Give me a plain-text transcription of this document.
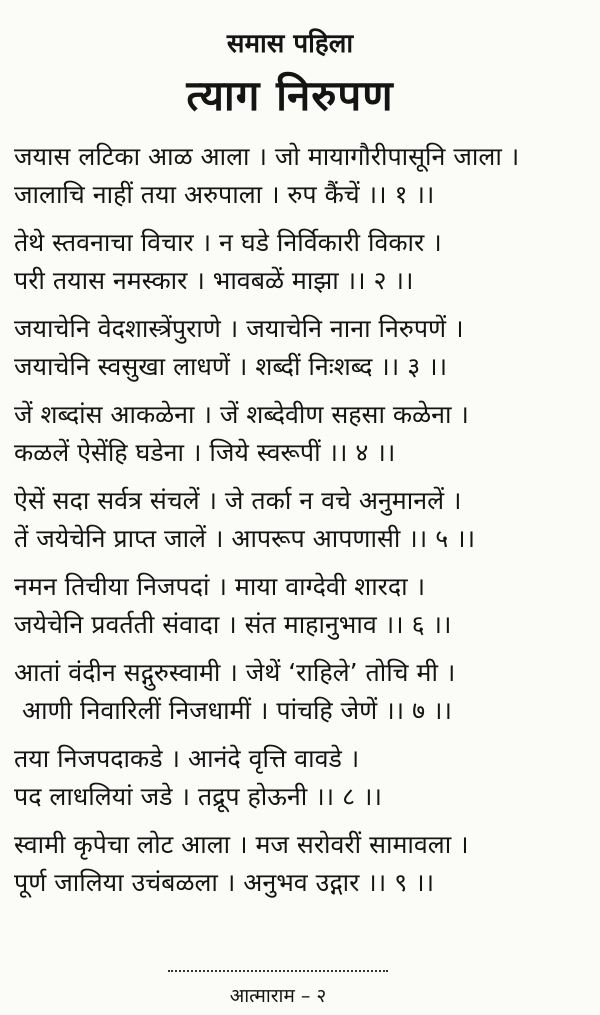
समास पहिला
त्याग निरुपण
जयास लटिका आळ आला । जो मायागौरीपासूनि जाला ।
जालाचि नाहीं तया अरुपाला । रुप कैंचें ।। १ ।।
तेथे स्तवनाचा विचार । न घडे निर्विकारी विकार ।
परी तयास नमस्कार । भावबळें माझा ।। २ ।।
जयाचेनि वेदशास्त्रेंपुराणे । जयाचेनि नाना निरुपणें ।
जयाचेनि स्वसुखा लाधणें । शब्दीं निःशब्द ।। ३ ।।
जें शब्दांस आकळेना । जें शब्देवीण सहसा कळेना ।
कळलें ऐसेंहि घडेना । जिये स्वरूपीं ।। ४ ।।
ऐसें सदा सर्वत्र संचलें । जे तर्का न वचे अनुमानलें ।
तें जयेचेनि प्राप्त जालें । आपरूप आपणासी ।। ५ ।।
नमन तिचीया निजपदां । माया वाग्देवी शारदा ।
जयेचेनि प्रवर्तती संवादा । संत माहानुभाव ।। ६ ।।
आतां वंदीन सद्गुरुस्वामी । जेथें ‘राहिले’ तोचि मी ।
आणी निवारिलीं निजधामीं । पांचहि जेणें ।। ७ ।।
तया निजपदाकडे । आनंदे वृत्ति वावडे ।
पद लाधलियां जडे । तद्रूप होऊनी ।। ८ ।।
स्वामी कृपेचा लोट आला । मज सरोवरीं सामावला ।
पूर्ण जालिया उचंबळला । अनुभव उद्गार ।। ९ ।।
आत्माराम – २
